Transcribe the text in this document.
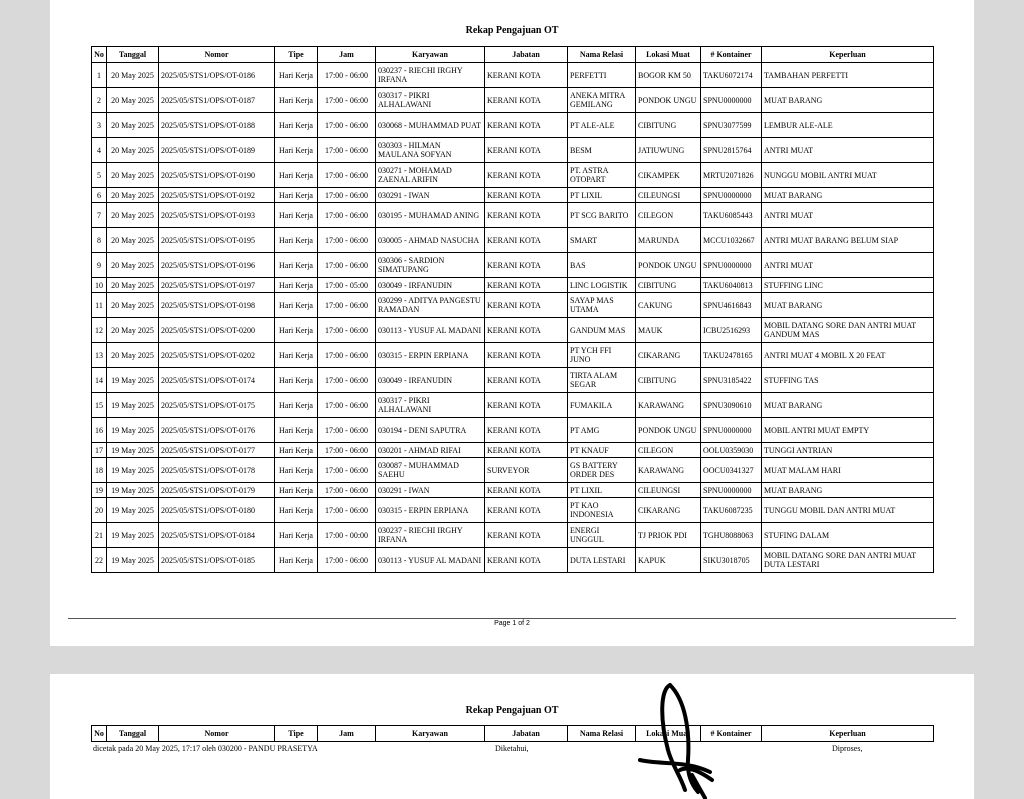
Rekap Pengajuan OT
No	Tanggal	Nomor	Tipe	Jam	Karyawan	Jabatan	Nama Relasi	Lokasi Muat	# Kontainer	Keperluan
1	20 May 2025	2025/05/STS1/OPS/OT-0186	Hari Kerja	17:00 - 06:00	030237 - RIECHI IRGHY IRFANA	KERANI KOTA	PERFETTI	BOGOR KM 50	TAKU6072174	TAMBAHAN PERFETTI
2	20 May 2025	2025/05/STS1/OPS/OT-0187	Hari Kerja	17:00 - 06:00	030317 - PIKRI ALHALAWANI	KERANI KOTA	ANEKA MITRA GEMILANG	PONDOK UNGU	SPNU0000000	MUAT BARANG
3	20 May 2025	2025/05/STS1/OPS/OT-0188	Hari Kerja	17:00 - 06:00	030068 - MUHAMMAD PUAT	KERANI KOTA	PT ALE-ALE	CIBITUNG	SPNU3077599	LEMBUR ALE-ALE
4	20 May 2025	2025/05/STS1/OPS/OT-0189	Hari Kerja	17:00 - 06:00	030303 - HILMAN MAULANA SOFYAN	KERANI KOTA	BESM	JATIUWUNG	SPNU2815764	ANTRI MUAT
5	20 May 2025	2025/05/STS1/OPS/OT-0190	Hari Kerja	17:00 - 06:00	030271 - MOHAMAD ZAENAL ARIFIN	KERANI KOTA	PT. ASTRA OTOPART	CIKAMPEK	MRTU2071826	NUNGGU MOBIL ANTRI MUAT
6	20 May 2025	2025/05/STS1/OPS/OT-0192	Hari Kerja	17:00 - 06:00	030291 - IWAN	KERANI KOTA	PT LIXIL	CILEUNGSI	SPNU0000000	MUAT BARANG
7	20 May 2025	2025/05/STS1/OPS/OT-0193	Hari Kerja	17:00 - 06:00	030195 - MUHAMAD ANING	KERANI KOTA	PT SCG BARITO	CILEGON	TAKU6085443	ANTRI MUAT
8	20 May 2025	2025/05/STS1/OPS/OT-0195	Hari Kerja	17:00 - 06:00	030005 - AHMAD NASUCHA	KERANI KOTA	SMART	MARUNDA	MCCU1032667	ANTRI MUAT BARANG BELUM SIAP
9	20 May 2025	2025/05/STS1/OPS/OT-0196	Hari Kerja	17:00 - 06:00	030306 - SARDION SIMATUPANG	KERANI KOTA	BAS	PONDOK UNGU	SPNU0000000	ANTRI MUAT
10	20 May 2025	2025/05/STS1/OPS/OT-0197	Hari Kerja	17:00 - 05:00	030049 - IRFANUDIN	KERANI KOTA	LINC LOGISTIK	CIBITUNG	TAKU6040813	STUFFING LINC
11	20 May 2025	2025/05/STS1/OPS/OT-0198	Hari Kerja	17:00 - 06:00	030299 - ADITYA PANGESTU RAMADAN	KERANI KOTA	SAYAP MAS UTAMA	CAKUNG	SPNU4616843	MUAT BARANG
12	20 May 2025	2025/05/STS1/OPS/OT-0200	Hari Kerja	17:00 - 06:00	030113 - YUSUF AL MADANI	KERANI KOTA	GANDUM MAS	MAUK	ICBU2516293	MOBIL DATANG SORE DAN ANTRI MUAT GANDUM MAS
13	20 May 2025	2025/05/STS1/OPS/OT-0202	Hari Kerja	17:00 - 06:00	030315 - ERPIN ERPIANA	KERANI KOTA	PT YCH FFI JUNO	CIKARANG	TAKU2478165	ANTRI MUAT 4 MOBIL X 20 FEAT
14	19 May 2025	2025/05/STS1/OPS/OT-0174	Hari Kerja	17:00 - 06:00	030049 - IRFANUDIN	KERANI KOTA	TIRTA ALAM SEGAR	CIBITUNG	SPNU3185422	STUFFING TAS
15	19 May 2025	2025/05/STS1/OPS/OT-0175	Hari Kerja	17:00 - 06:00	030317 - PIKRI ALHALAWANI	KERANI KOTA	FUMAKILA	KARAWANG	SPNU3090610	MUAT BARANG
16	19 May 2025	2025/05/STS1/OPS/OT-0176	Hari Kerja	17:00 - 06:00	030194 - DENI SAPUTRA	KERANI KOTA	PT AMG	PONDOK UNGU	SPNU0000000	MOBIL ANTRI MUAT EMPTY
17	19 May 2025	2025/05/STS1/OPS/OT-0177	Hari Kerja	17:00 - 06:00	030201 - AHMAD RIFAI	KERANI KOTA	PT KNAUF	CILEGON	OOLU0359030	TUNGGI ANTRIAN
18	19 May 2025	2025/05/STS1/OPS/OT-0178	Hari Kerja	17:00 - 06:00	030087 - MUHAMMAD SAEHU	SURVEYOR	GS BATTERY ORDER DES	KARAWANG	OOCU0341327	MUAT MALAM HARI
19	19 May 2025	2025/05/STS1/OPS/OT-0179	Hari Kerja	17:00 - 06:00	030291 - IWAN	KERANI KOTA	PT LIXIL	CILEUNGSI	SPNU0000000	MUAT BARANG
20	19 May 2025	2025/05/STS1/OPS/OT-0180	Hari Kerja	17:00 - 06:00	030315 - ERPIN ERPIANA	KERANI KOTA	PT KAO INDONESIA	CIKARANG	TAKU6087235	TUNGGU MOBIL DAN ANTRI MUAT
21	19 May 2025	2025/05/STS1/OPS/OT-0184	Hari Kerja	17:00 - 00:00	030237 - RIECHI IRGHY IRFANA	KERANI KOTA	ENERGI UNGGUL	TJ PRIOK PDI	TGHU8088063	STUFING DALAM
22	19 May 2025	2025/05/STS1/OPS/OT-0185	Hari Kerja	17:00 - 06:00	030113 - YUSUF AL MADANI	KERANI KOTA	DUTA LESTARI	KAPUK	SIKU3018705	MOBIL DATANG SORE DAN ANTRI MUAT DUTA LESTARI
Page 1 of 2
Rekap Pengajuan OT
No	Tanggal	Nomor	Tipe	Jam	Karyawan	Jabatan	Nama Relasi	Lokasi Muat	# Kontainer	Keperluan
dicetak pada 20 May 2025, 17:17 oleh 030200 - PANDU PRASETYA	Diketahui,	Diproses,
